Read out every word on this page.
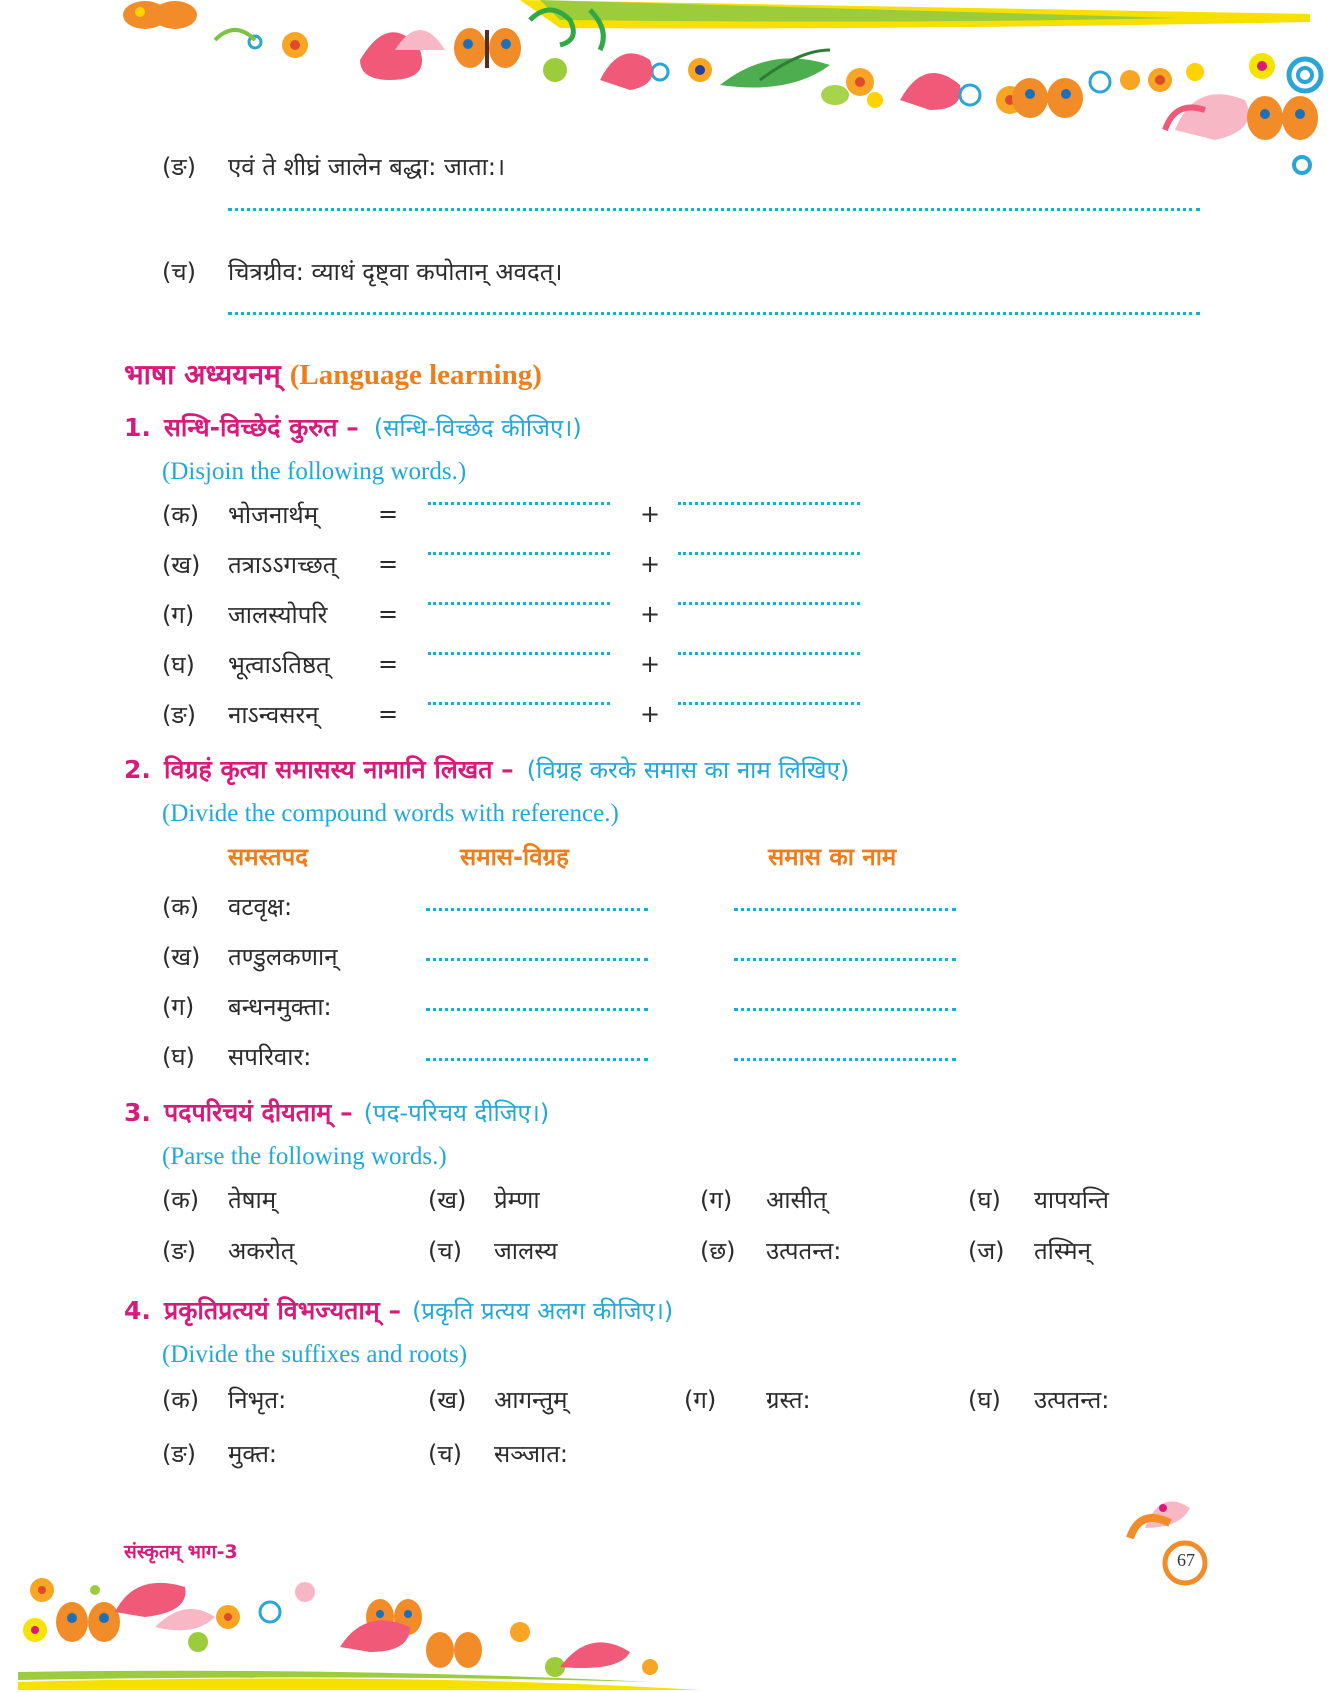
(ङ) एवं ते शीघ्रं जालेन बद्धा: जाता:।
(च) चित्रग्रीव: व्याधं दृष्ट्वा कपोतान् अवदत्।
भाषा अध्ययनम् (Language learning)
1. सन्धि-विच्छेदं कुरुत – (सन्धि-विच्छेद कीजिए।)
(Disjoin the following words.)
(क) भोजनार्थम् =	+
(ख) तत्राऽऽगच्छत् =	+
(ग) जालस्योपरि =	+
(घ) भूत्वाऽतिष्ठत् =	+
(ङ) नाऽन्वसरन् =	+
2. विग्रहं कृत्वा समासस्य नामानि लिखत – (विग्रह करके समास का नाम लिखिए)
(Divide the compound words with reference.)
समस्तपद	समास-विग्रह	समास का नाम
(क) वटवृक्ष:
(ख) तण्डुलकणान्
(ग) बन्धनमुक्ता:
(घ) सपरिवार:
3. पदपरिचयं दीयताम् – (पद-परिचय दीजिए।)
(Parse the following words.)
(क) तेषाम्	(ख) प्रेम्णा	(ग) आसीत्	(घ) यापयन्ति
(ङ) अकरोत्	(च) जालस्य	(छ) उत्पतन्त:	(ज) तस्मिन्
4. प्रकृतिप्रत्ययं विभज्यताम् – (प्रकृति प्रत्यय अलग कीजिए।)
(Divide the suffixes and roots)
(क) निभृत:	(ख) आगन्तुम्	(ग) ग्रस्त:	(घ) उत्पतन्त:
(ङ) मुक्त:	(च) सञ्जात:
संस्कृतम् भाग-3	67
